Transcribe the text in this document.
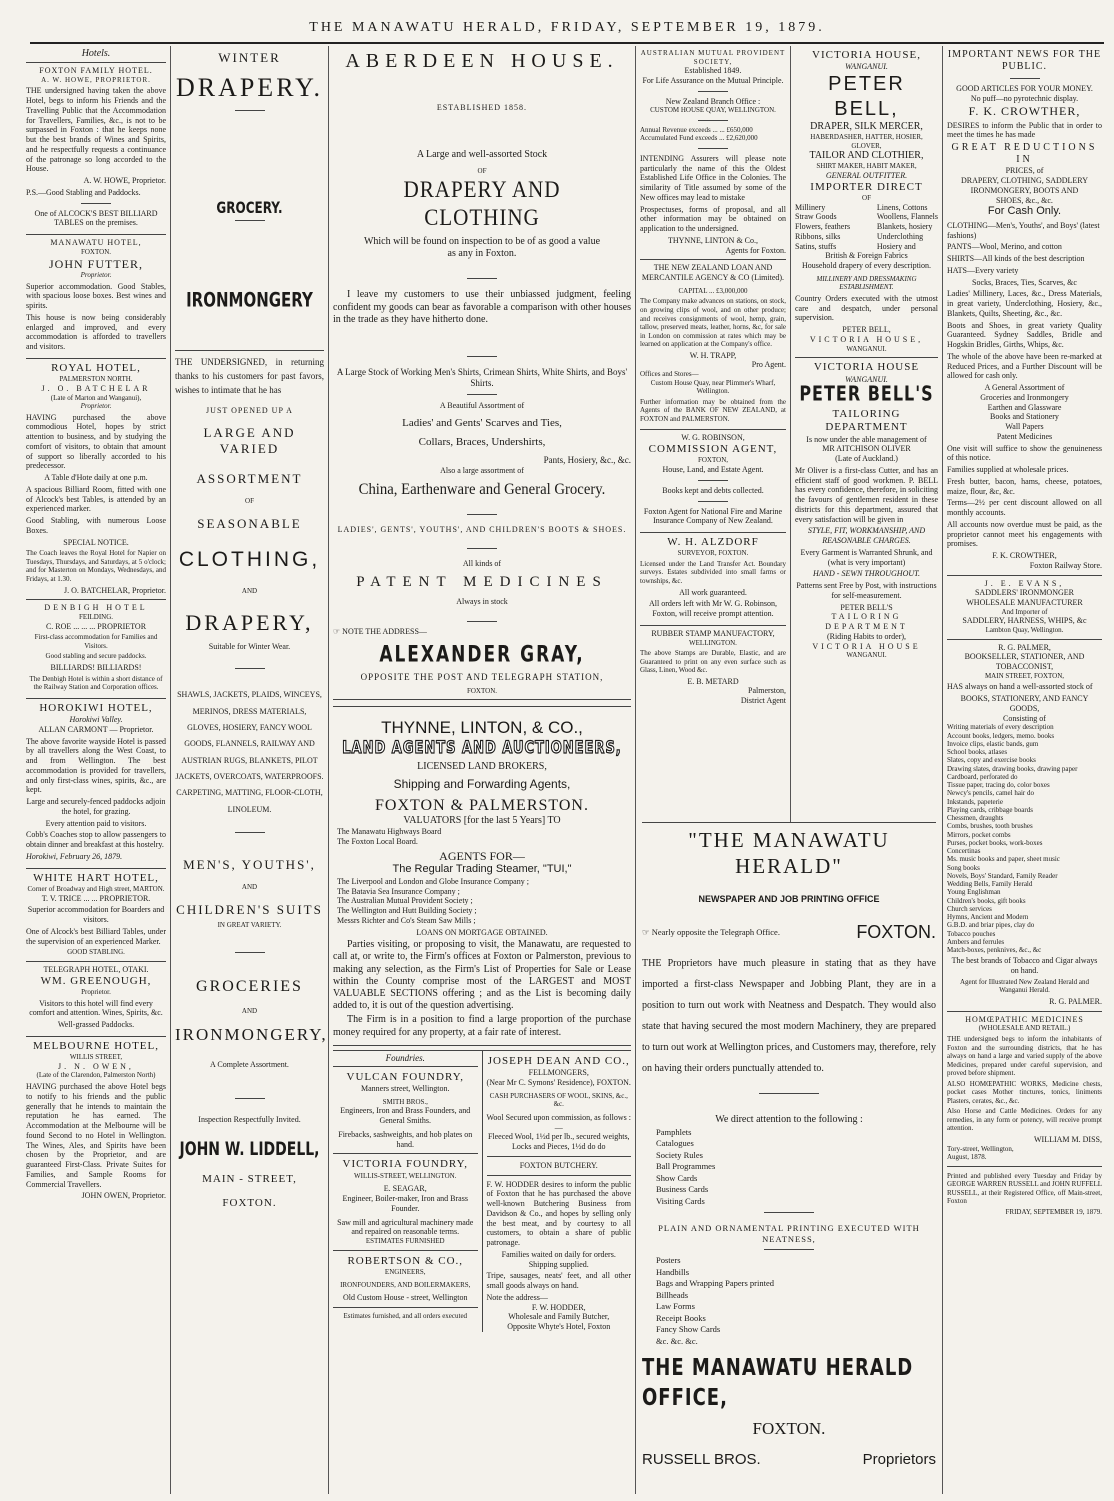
THE MANAWATU HERALD, FRIDAY, SEPTEMBER 19, 1879.
Hotels.
FOXTON FAMILY HOTEL.
A. W. HOWE, PROPRIETOR.

THE undersigned having taken the above Hotel, begs to inform his Friends and the Travelling Public that the Accommodation for Travellers, Families, &c., is not to be surpassed in Foxton : that he keeps none but the best brands of Wines and Spirits, and he respectfully requests a continuance of the patronage so long accorded to the House.

A. W. HOWE, Proprietor.

P.S.—Good Stabling and Paddocks.

One of ALCOCK'S BEST BILLIARD TABLES on the premises.

MANAWATU HOTEL,
FOXTON.
JOHN FUTTER,
Proprietor.

Superior accommodation. Good Stables, with spacious loose boxes. Best wines and spirits.

This house is now being considerably enlarged and improved, and every accommodation is afforded to travellers and visitors.

ROYAL HOTEL,
PALMERSTON NORTH.
J. O. BATCHELAR
(Late of Marton and Wanganui),
Proprietor.

HAVING purchased the above commodious Hotel, hopes by strict attention to business, and by studying the comfort of visitors, to obtain that amount of support so liberally accorded to his predecessor.

A Table d'Hote daily at one p.m.

A spacious Billiard Room, fitted with one of Alcock's best Tables, is attended by an experienced marker.

Good Stabling, with numerous Loose Boxes.

SPECIAL NOTICE.

The Coach leaves the Royal Hotel for Napier on Tuesdays, Thursdays, and Saturdays, at 5 o'clock; and for Masterton on Mondays, Wednesdays, and Fridays, at 1.30.

J. O. BATCHELAR, Proprietor.
DENBIGH HOTEL
FEILDING.
C. ROE ... ... ... PROPRIETOR

First-class accommodation for Families and Visitors.

Good stabling and secure paddocks.

BILLIARDS! BILLIARDS!

The Denbigh Hotel is within a short distance of the Railway Station and Corporation offices.

HOROKIWI HOTEL,
Horokiwi Valley.
ALLAN CARMONT — Proprietor.

The above favorite wayside Hotel is passed by all travellers along the West Coast, to and from Wellington. The best accommodation is provided for travellers, and only first-class wines, spirits, &c., are kept.

Large and securely-fenced paddocks adjoin the hotel, for grazing.

Every attention paid to visitors.

Cobb's Coaches stop to allow passengers to obtain dinner and breakfast at this hostelry.

Horokiwi, February 26, 1879.

WHITE HART HOTEL,
Corner of Broadway and High street, MARTON.
T. V. TRICE ... ... PROPRIETOR.

Superior accommodation for Boarders and visitors.

One of Alcock's best Billiard Tables, under the supervision of an experienced Marker.

GOOD STABLING.
TELEGRAPH HOTEL, OTAKI.
WM. GREENOUGH,
Proprietor.

Visitors to this hotel will find every comfort and attention. Wines, Spirits, &c.

Well-grassed Paddocks.

MELBOURNE HOTEL,
WILLIS STREET,
J. N. OWEN,
(Late of the Clarendon, Palmerston North)

HAVING purchased the above Hotel begs to notify to his friends and the public generally that he intends to maintain the reputation he has earned. The Accommodation at the Melbourne will be found Second to no Hotel in Wellington. The Wines, Ales, and Spirits have been chosen by the Proprietor, and are guaranteed First-Class. Private Suites for Families, and Sample Rooms for Commercial Travellers.

JOHN OWEN, Proprietor.
WINTER
DRAPERY.
GROCERY.
IRONMONGERY

THE UNDERSIGNED, in returning thanks to his customers for past favors, wishes to intimate that he has

JUST OPENED UP A
LARGE AND VARIED
ASSORTMENT
OF
SEASONABLE
CLOTHING,
AND
DRAPERY,
Suitable for Winter Wear.

SHAWLS, JACKETS, PLAIDS, WINCEYS, MERINOS, DRESS MATERIALS, GLOVES, HOSIERY, FANCY WOOL GOODS, FLANNELS, RAILWAY AND AUSTRIAN RUGS, BLANKETS, PILOT JACKETS, OVERCOATS, WATERPROOFS. CARPETING, MATTING, FLOOR-CLOTH, LINOLEUM.

MEN'S, YOUTHS',
AND
CHILDREN'S SUITS
IN GREAT VARIETY.
GROCERIES
AND
IRONMONGERY,
A Complete Assortment.
Inspection Respectfully Invited.
JOHN W. LIDDELL,
MAIN - STREET,
FOXTON.
ABERDEEN HOUSE.
ESTABLISHED 1858.
A Large and well-assorted Stock
OF
DRAPERY AND CLOTHING

Which will be found on inspection to be of as good a value as any in Foxton.

I leave my customers to use their unbiassed judgment, feeling confident my goods can bear as favorable a comparison with other houses in the trade as they have hitherto done.

A Large Stock of Working Men's Shirts, Crimean Shirts, White Shirts, and Boys' Shirts.

A Beautiful Assortment of
Ladies' and Gents' Scarves and Ties,
Collars, Braces, Undershirts,
Pants, Hosiery, &c., &c.
Also a large assortment of
China, Earthenware and General Grocery.
LADIES', GENTS', YOUTHS', AND CHILDREN'S BOOTS & SHOES.
All kinds of
PATENT MEDICINES
Always in stock
☞ NOTE THE ADDRESS—
ALEXANDER GRAY,
OPPOSITE THE POST AND TELEGRAPH STATION,
FOXTON.
THYNNE, LINTON, & CO.,
LAND AGENTS AND AUCTIONEERS,
LICENSED LAND BROKERS,
Shipping and Forwarding Agents,
FOXTON & PALMERSTON.
VALUATORS [for the last 5 Years] TO
The Manawatu Highways Board
The Foxton Local Board.
AGENTS FOR—
The Regular Trading Steamer, "TUI,"
The Liverpool and London and Globe Insurance Company ;
The Batavia Sea Insurance Company ;
The Australian Mutual Provident Society ;
The Wellington and Hutt Building Society ;
Messrs Richter and Co's Steam Saw Mills ;
LOANS ON MORTGAGE OBTAINED.

Parties visiting, or proposing to visit, the Manawatu, are requested to call at, or write to, the Firm's offices at Foxton or Palmerston, previous to making any selection, as the Firm's List of Properties for Sale or Lease within the County comprise most of the LARGEST and MOST VALUABLE SECTIONS offering ; and as the List is becoming daily added to, it is out of the question advertising.

The Firm is in a position to find a large proportion of the purchase money required for any property, at a fair rate of interest.

Foundries.
VULCAN FOUNDRY,
Manners street, Wellington.
SMITH BROS.,
Engineers, Iron and Brass Founders, and General Smiths.
Firebacks, sashweights, and hob plates on hand.
VICTORIA FOUNDRY,
WILLIS-STREET, WELLINGTON.
E. SEAGAR,
Engineer, Boiler-maker, Iron and Brass Founder.
Saw mill and agricultural machinery made and repaired on reasonable terms.
ESTIMATES FURNISHED
ROBERTSON & CO.,
ENGINEERS,
IRONFOUNDERS, AND BOILERMAKERS,
Old Custom House - street, Wellington
Estimates furnished, and all orders executed
JOSEPH DEAN AND CO.,
FELLMONGERS,
(Near Mr C. Symons' Residence), FOXTON.
CASH PURCHASERS OF WOOL, SKINS, &c., &c.
Wool Secured upon commission, as follows :—
Fleeced Wool, 1½d per lb., secured weights,
Locks and Pieces, 1½d do do
FOXTON BUTCHERY.

F. W. HODDER desires to inform the public of Foxton that he has purchased the above well-known Butchering Business from Davidson & Co., and hopes by selling only the best meat, and by courtesy to all customers, to obtain a share of public patronage.

Families waited on daily for orders.
Shipping supplied.

Tripe, sausages, neats' feet, and all other small goods always on hand.

Note the address—
F. W. HODDER,
Wholesale and Family Butcher,
Opposite Whyte's Hotel, Foxton
AUSTRALIAN MUTUAL PROVIDENT SOCIETY,
Established 1849.
For Life Assurance on the Mutual Principle.
New Zealand Branch Office :
CUSTOM HOUSE QUAY, WELLINGTON.
Annual Revenue exceeds ... ... £650,000
Accumulated Fund exceeds ... £2,620,000

INTENDING Assurers will please note particularly the name of this the Oldest Established Life Office in the Colonies. The similarity of Title assumed by some of the New offices may lead to mistake

Prospectuses, forms of proposal, and all other information may be obtained on application to the undersigned.

THYNNE, LINTON & Co.,
Agents for Foxton.
THE NEW ZEALAND LOAN AND MERCANTILE AGENCY & CO (Limited).
CAPITAL ... £3,000,000

The Company make advances on stations, on stock, on growing clips of wool, and on other produce; and receives consignments of wool, hemp, grain, tallow, preserved meats, leather, horns, &c, for sale in London on commission at rates which may be learned on application at the Company's office.

W. H. TRAPP,
Pro Agent.
Offices and Stores—
Custom House Quay, near Plimmer's Wharf, Wellington.

Further information may be obtained from the Agents of the BANK OF NEW ZEALAND, at FOXTON and PALMERSTON.

W. G. ROBINSON,
COMMISSION AGENT,
FOXTON,
House, Land, and Estate Agent.
Books kept and debts collected.

Foxton Agent for National Fire and Marine Insurance Company of New Zealand.

W. H. ALZDORF
SURVEYOR, FOXTON.

Licensed under the Land Transfer Act. Boundary surveys. Estates subdivided into small farms or townships, &c.

All work guaranteed.

All orders left with Mr W. G. Robinson, Foxton, will receive prompt attention.

RUBBER STAMP MANUFACTORY,
WELLINGTON.

The above Stamps are Durable, Elastic, and are Guaranteed to print on any even surface such as Glass, Linen, Wood &c.

E. B. METARD
Palmerston,
District Agent
VICTORIA HOUSE,
WANGANUI.
PETER BELL,
DRAPER, SILK MERCER,
HABERDASHER, HATTER, HOSIER,
GLOVER,
TAILOR AND CLOTHIER,
SHIRT MAKER, HABIT MAKER,
GENERAL OUTFITTER.
IMPORTER DIRECT
OF
Millinery
Straw Goods
Flowers, feathers
Ribbons, silks
Satins, stuffs
Linens, Cottons
Woollens, Flannels
Blankets, hosiery
Underclothing
Hosiery and
British & Foreign Fabrics
Household drapery of every description.
MILLINERY AND DRESSMAKING ESTABLISHMENT.

Country Orders executed with the utmost care and despatch, under personal supervision.

PETER BELL,
VICTORIA HOUSE,
WANGANUI.
VICTORIA HOUSE
WANGANUI.
PETER BELL'S
TAILORING DEPARTMENT
Is now under the able management of
MR AITCHISON OLIVER
(Late of Auckland.)

Mr Oliver is a first-class Cutter, and has an efficient staff of good workmen. P. BELL has every confidence, therefore, in soliciting the favours of gentlemen resident in these districts for this department, assured that every satisfaction will be given in

STYLE, FIT, WORKMANSHIP, AND REASONABLE CHARGES.

Every Garment is Warranted Shrunk, and (what is very important)

HAND - SEWN THROUGHOUT.

Patterns sent Free by Post, with instructions for self-measurement.

PETER BELL'S
TAILORING DEPARTMENT
(Riding Habits to order),
VICTORIA HOUSE
WANGANUI.
"THE MANAWATU HERALD"
NEWSPAPER AND JOB PRINTING OFFICE
☞ Nearly opposite the Telegraph Office.	FOXTON.

THE Proprietors have much pleasure in stating that as they have imported a first-class Newspaper and Jobbing Plant, they are in a position to turn out work with Neatness and Despatch. They would also state that having secured the most modern Machinery, they are prepared to turn out work at Wellington prices, and Customers may, therefore, rely on having their orders punctually attended to.

We direct attention to the following :
Pamphlets
Catalogues
Society Rules
Ball Programmes
Show Cards
Business Cards
Visiting Cards
PLAIN AND ORNAMENTAL PRINTING EXECUTED WITH NEATNESS,
Posters
Handbills
Bags and Wrapping Papers printed
Billheads
Law Forms
Receipt Books
Fancy Show Cards
&c. &c. &c.
THE MANAWATU HERALD OFFICE,
FOXTON.
RUSSELL BROS.	Proprietors
IMPORTANT NEWS FOR THE PUBLIC.
GOOD ARTICLES FOR YOUR MONEY.
No puff—no pyrotechnic display.
F. K. CROWTHER,

DESIRES to inform the Public that in order to meet the times he has made

GREAT REDUCTIONS IN
PRICES, of
DRAPERY, CLOTHING, SADDLERY
IRONMONGERY, BOOTS AND
SHOES, &c., &c.
For Cash Only.

CLOTHING—Men's, Youths', and Boys' (latest fashions)

PANTS—Wool, Merino, and cotton

SHIRTS—All kinds of the best description

HATS—Every variety

Socks, Braces, Ties, Scarves, &c

Ladies' Millinery, Laces, &c., Dress Materials, in great variety, Underclothing, Hosiery, &c., Blankets, Quilts, Sheeting, &c., &c.

Boots and Shoes, in great variety Quality Guaranteed. Sydney Saddles, Bridle and Hogskin Bridles, Girths, Whips, &c.

The whole of the above have been re-marked at Reduced Prices, and a Further Discount will be allowed for cash only.

A General Assortment of
Groceries and Ironmongery
Earthen and Glassware
Books and Stationery
Wall Papers
Patent Medicines

One visit will suffice to show the genuineness of this notice.

Families supplied at wholesale prices.

Fresh butter, bacon, hams, cheese, potatoes, maize, flour, &c, &c.

Terms—2½ per cent discount allowed on all monthly accounts.

All accounts now overdue must be paid, as the proprietor cannot meet his engagements with promises.

F. K. CROWTHER,
Foxton Railway Store.
J. E. EVANS,
SADDLERS' IRONMONGER
WHOLESALE MANUFACTURER
And Importer of
SADDLERY, HARNESS, WHIPS, &c
Lambton Quay, Wellington.
R. G. PALMER,
BOOKSELLER, STATIONER, AND TOBACCONIST,
MAIN STREET, FOXTON,

HAS always on hand a well-assorted stock of

BOOKS, STATIONERY, AND FANCY GOODS,
Consisting of
Writing materials of every description
Account books, ledgers, memo. books
Invoice clips, elastic bands, gum
School books, atlases
Slates, copy and exercise books
Drawing slates, drawing books, drawing paper
Cardboard, perforated do
Tissue paper, tracing do, color boxes
Newcy's pencils, camel hair do
Inkstands, papeterie
Playing cards, cribbage boards
Chessmen, draughts
Combs, brushes, tooth brushes
Mirrors, pocket combs
Purses, pocket books, work-boxes
Concertinas
Ms. music books and paper, sheet music
Song books
Novels, Boys' Standard, Family Reader
Wedding Bells, Family Herald
Young Englishman
Children's books, gift books
Church services
Hymns, Ancient and Modern
G.B.D. and briar pipes, clay do
Tobacco pouches
Ambers and ferrules
Match-boxes, penknives, &c., &c

The best brands of Tobacco and Cigar always on hand.

Agent for Illustrated New Zealand Herald and Wanganui Herald.

R. G. PALMER.
HOMŒPATHIC MEDICINES
(WHOLESALE AND RETAIL.)

THE undersigned begs to inform the inhabitants of Foxton and the surrounding districts, that he has always on hand a large and varied supply of the above Medicines, prepared under careful supervision, and proved before shipment.

ALSO HOMŒPATHIC WORKS, Medicine chests, pocket cases Mother tinctures, tonics, liniments Plasters, cerates, &c., &c.

Also Horse and Cattle Medicines. Orders for any remedies, in any form or potency, will receive prompt attention.

WILLIAM M. DISS,
Tory-street, Wellington,
August, 1878.

Printed and published every Tuesday and Friday by GEORGE WARREN RUSSELL and JOHN RUFFELL RUSSELL, at their Registered Office, off Main-street, Foxton

FRIDAY, SEPTEMBER 19, 1879.
